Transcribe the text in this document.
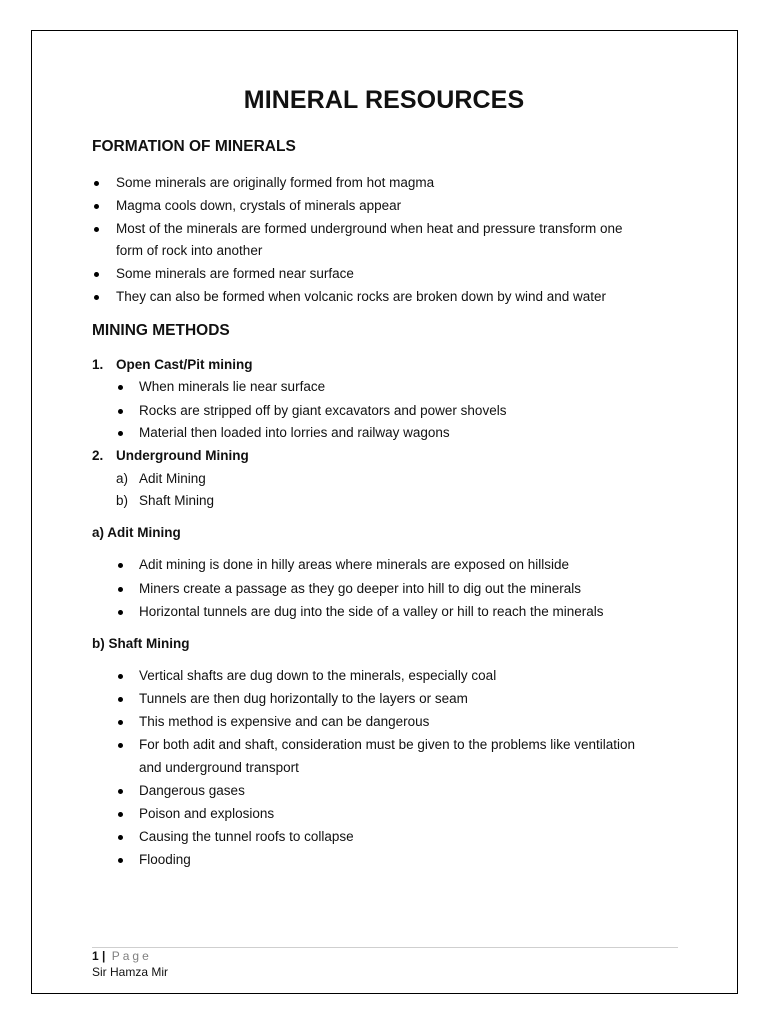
MINERAL RESOURCES
FORMATION OF MINERALS
Some minerals are originally formed from hot magma
Magma cools down, crystals of minerals appear
Most of the minerals are formed underground when heat and pressure transform one
form of rock into another
Some minerals are formed near surface
They can also be formed when volcanic rocks are broken down by wind and water
MINING METHODS
1. Open Cast/Pit mining
When minerals lie near surface
Rocks are stripped off by giant excavators and power shovels
Material then loaded into lorries and railway wagons
2. Underground Mining
a) Adit Mining
b) Shaft Mining
a) Adit Mining
Adit mining is done in hilly areas where minerals are exposed on hillside
Miners create a passage as they go deeper into hill to dig out the minerals
Horizontal tunnels are dug into the side of a valley or hill to reach the minerals
b) Shaft Mining
Vertical shafts are dug down to the minerals, especially coal
Tunnels are then dug horizontally to the layers or seam
This method is expensive and can be dangerous
For both adit and shaft, consideration must be given to the problems like ventilation
and underground transport
Dangerous gases
Poison and explosions
Causing the tunnel roofs to collapse
Flooding
1 | Page
Sir Hamza Mir
